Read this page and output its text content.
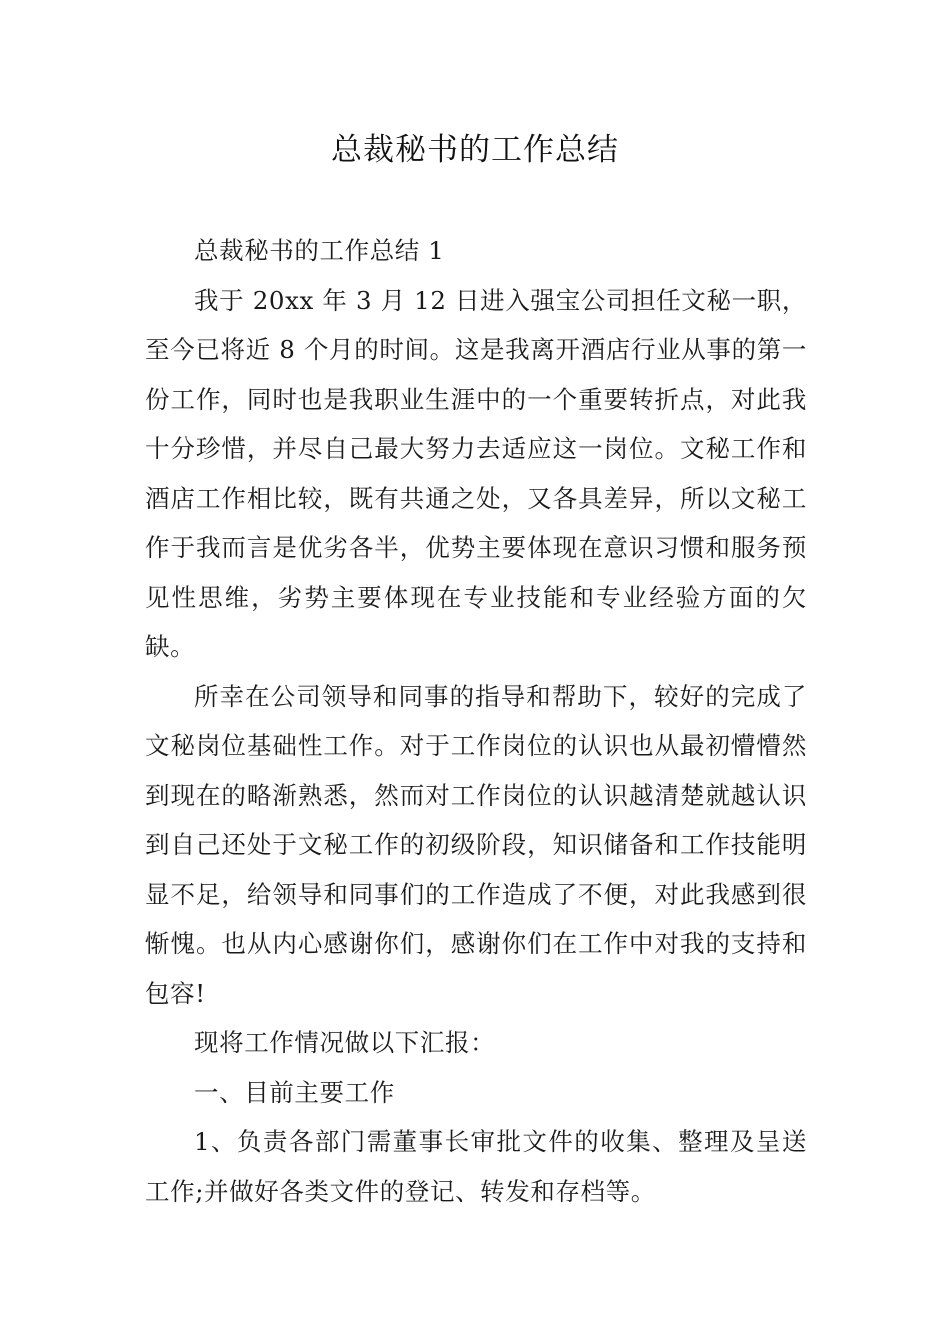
总裁秘书的工作总结

总裁秘书的工作总结 1

我于 20xx 年 3 月 12 日进入强宝公司担任文秘一职，至今已将近 8 个月的时间。这是我离开酒店行业从事的第一份工作，同时也是我职业生涯中的一个重要转折点，对此我十分珍惜，并尽自己最大努力去适应这一岗位。文秘工作和酒店工作相比较，既有共通之处，又各具差异，所以文秘工作于我而言是优劣各半，优势主要体现在意识习惯和服务预见性思维，劣势主要体现在专业技能和专业经验方面的欠缺。

所幸在公司领导和同事的指导和帮助下，较好的完成了文秘岗位基础性工作。对于工作岗位的认识也从最初懵懵然到现在的略渐熟悉，然而对工作岗位的认识越清楚就越认识到自己还处于文秘工作的初级阶段，知识储备和工作技能明显不足，给领导和同事们的工作造成了不便，对此我感到很惭愧。也从内心感谢你们，感谢你们在工作中对我的支持和包容!

现将工作情况做以下汇报：

一、目前主要工作

1、负责各部门需董事长审批文件的收集、整理及呈送工作;并做好各类文件的登记、转发和存档等。
